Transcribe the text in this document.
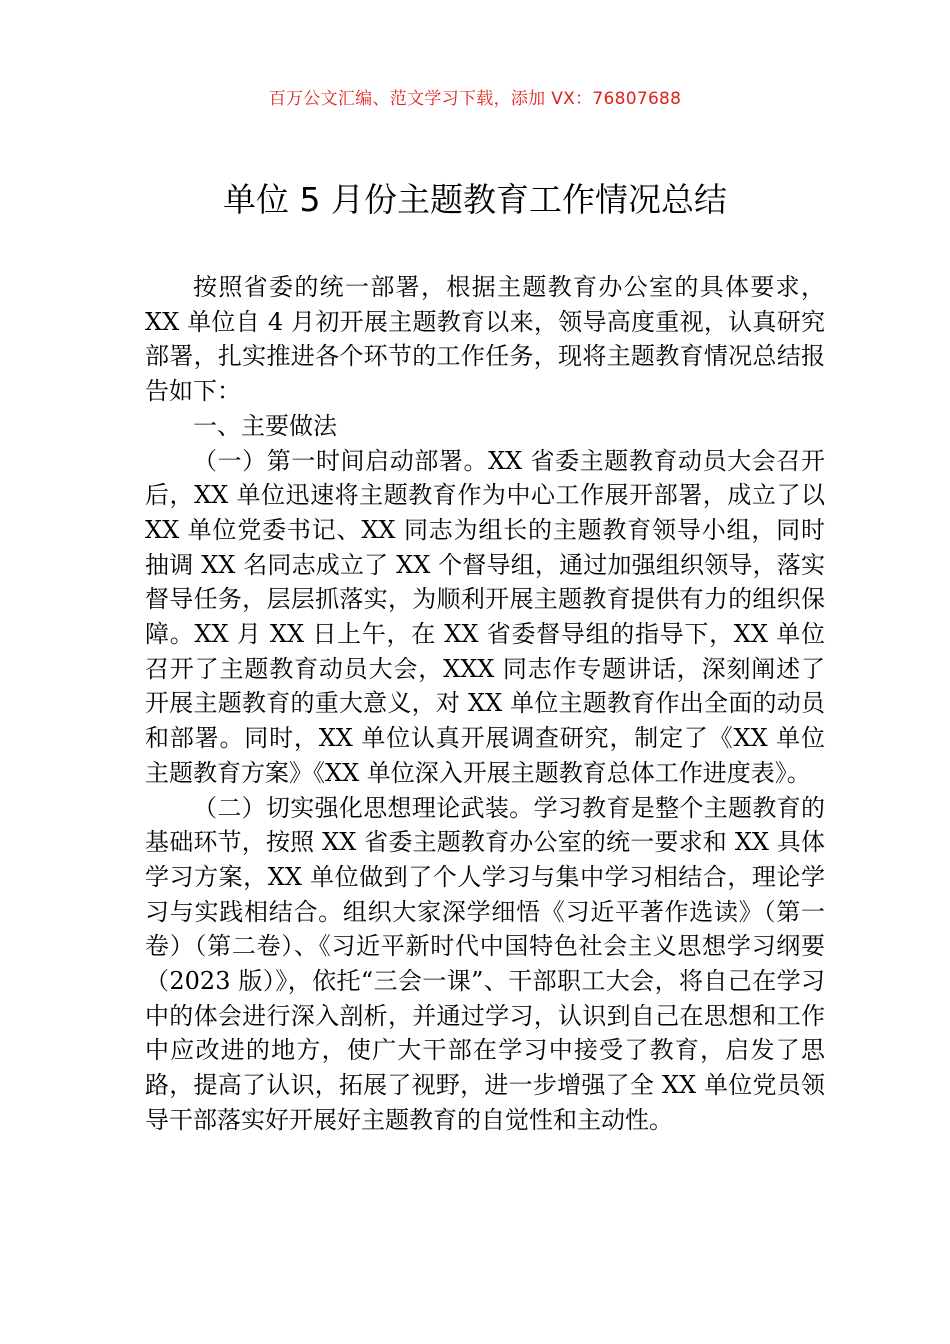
百万公文汇编、范文学习下载，添加 VX：76807688
单位 5 月份主题教育工作情况总结

按照省委的统一部署，根据主题教育办公室的具体要求，XX 单位自 4 月初开展主题教育以来，领导高度重视，认真研究部署，扎实推进各个环节的工作任务，现将主题教育情况总结报告如下：

一、主要做法

（一）第一时间启动部署。XX 省委主题教育动员大会召开后，XX 单位迅速将主题教育作为中心工作展开部署，成立了以 XX 单位党委书记、XX 同志为组长的主题教育领导小组，同时抽调 XX 名同志成立了 XX 个督导组，通过加强组织领导，落实督导任务，层层抓落实，为顺利开展主题教育提供有力的组织保障。XX 月 XX 日上午，在 XX 省委督导组的指导下，XX 单位召开了主题教育动员大会，XXX 同志作专题讲话，深刻阐述了开展主题教育的重大意义，对 XX 单位主题教育作出全面的动员和部署。同时，XX 单位认真开展调查研究，制定了《XX 单位主题教育方案》《XX 单位深入开展主题教育总体工作进度表》。

（二）切实强化思想理论武装。学习教育是整个主题教育的基础环节，按照 XX 省委主题教育办公室的统一要求和 XX 具体学习方案，XX 单位做到了个人学习与集中学习相结合，理论学习与实践相结合。组织大家深学细悟《习近平著作选读》（第一卷）（第二卷）、《习近平新时代中国特色社会主义思想学习纲要（2023 版）》，依托“三会一课”、干部职工大会，将自己在学习中的体会进行深入剖析，并通过学习，认识到自己在思想和工作中应改进的地方，使广大干部在学习中接受了教育，启发了思路，提高了认识，拓展了视野，进一步增强了全 XX 单位党员领导干部落实好开展好主题教育的自觉性和主动性。
